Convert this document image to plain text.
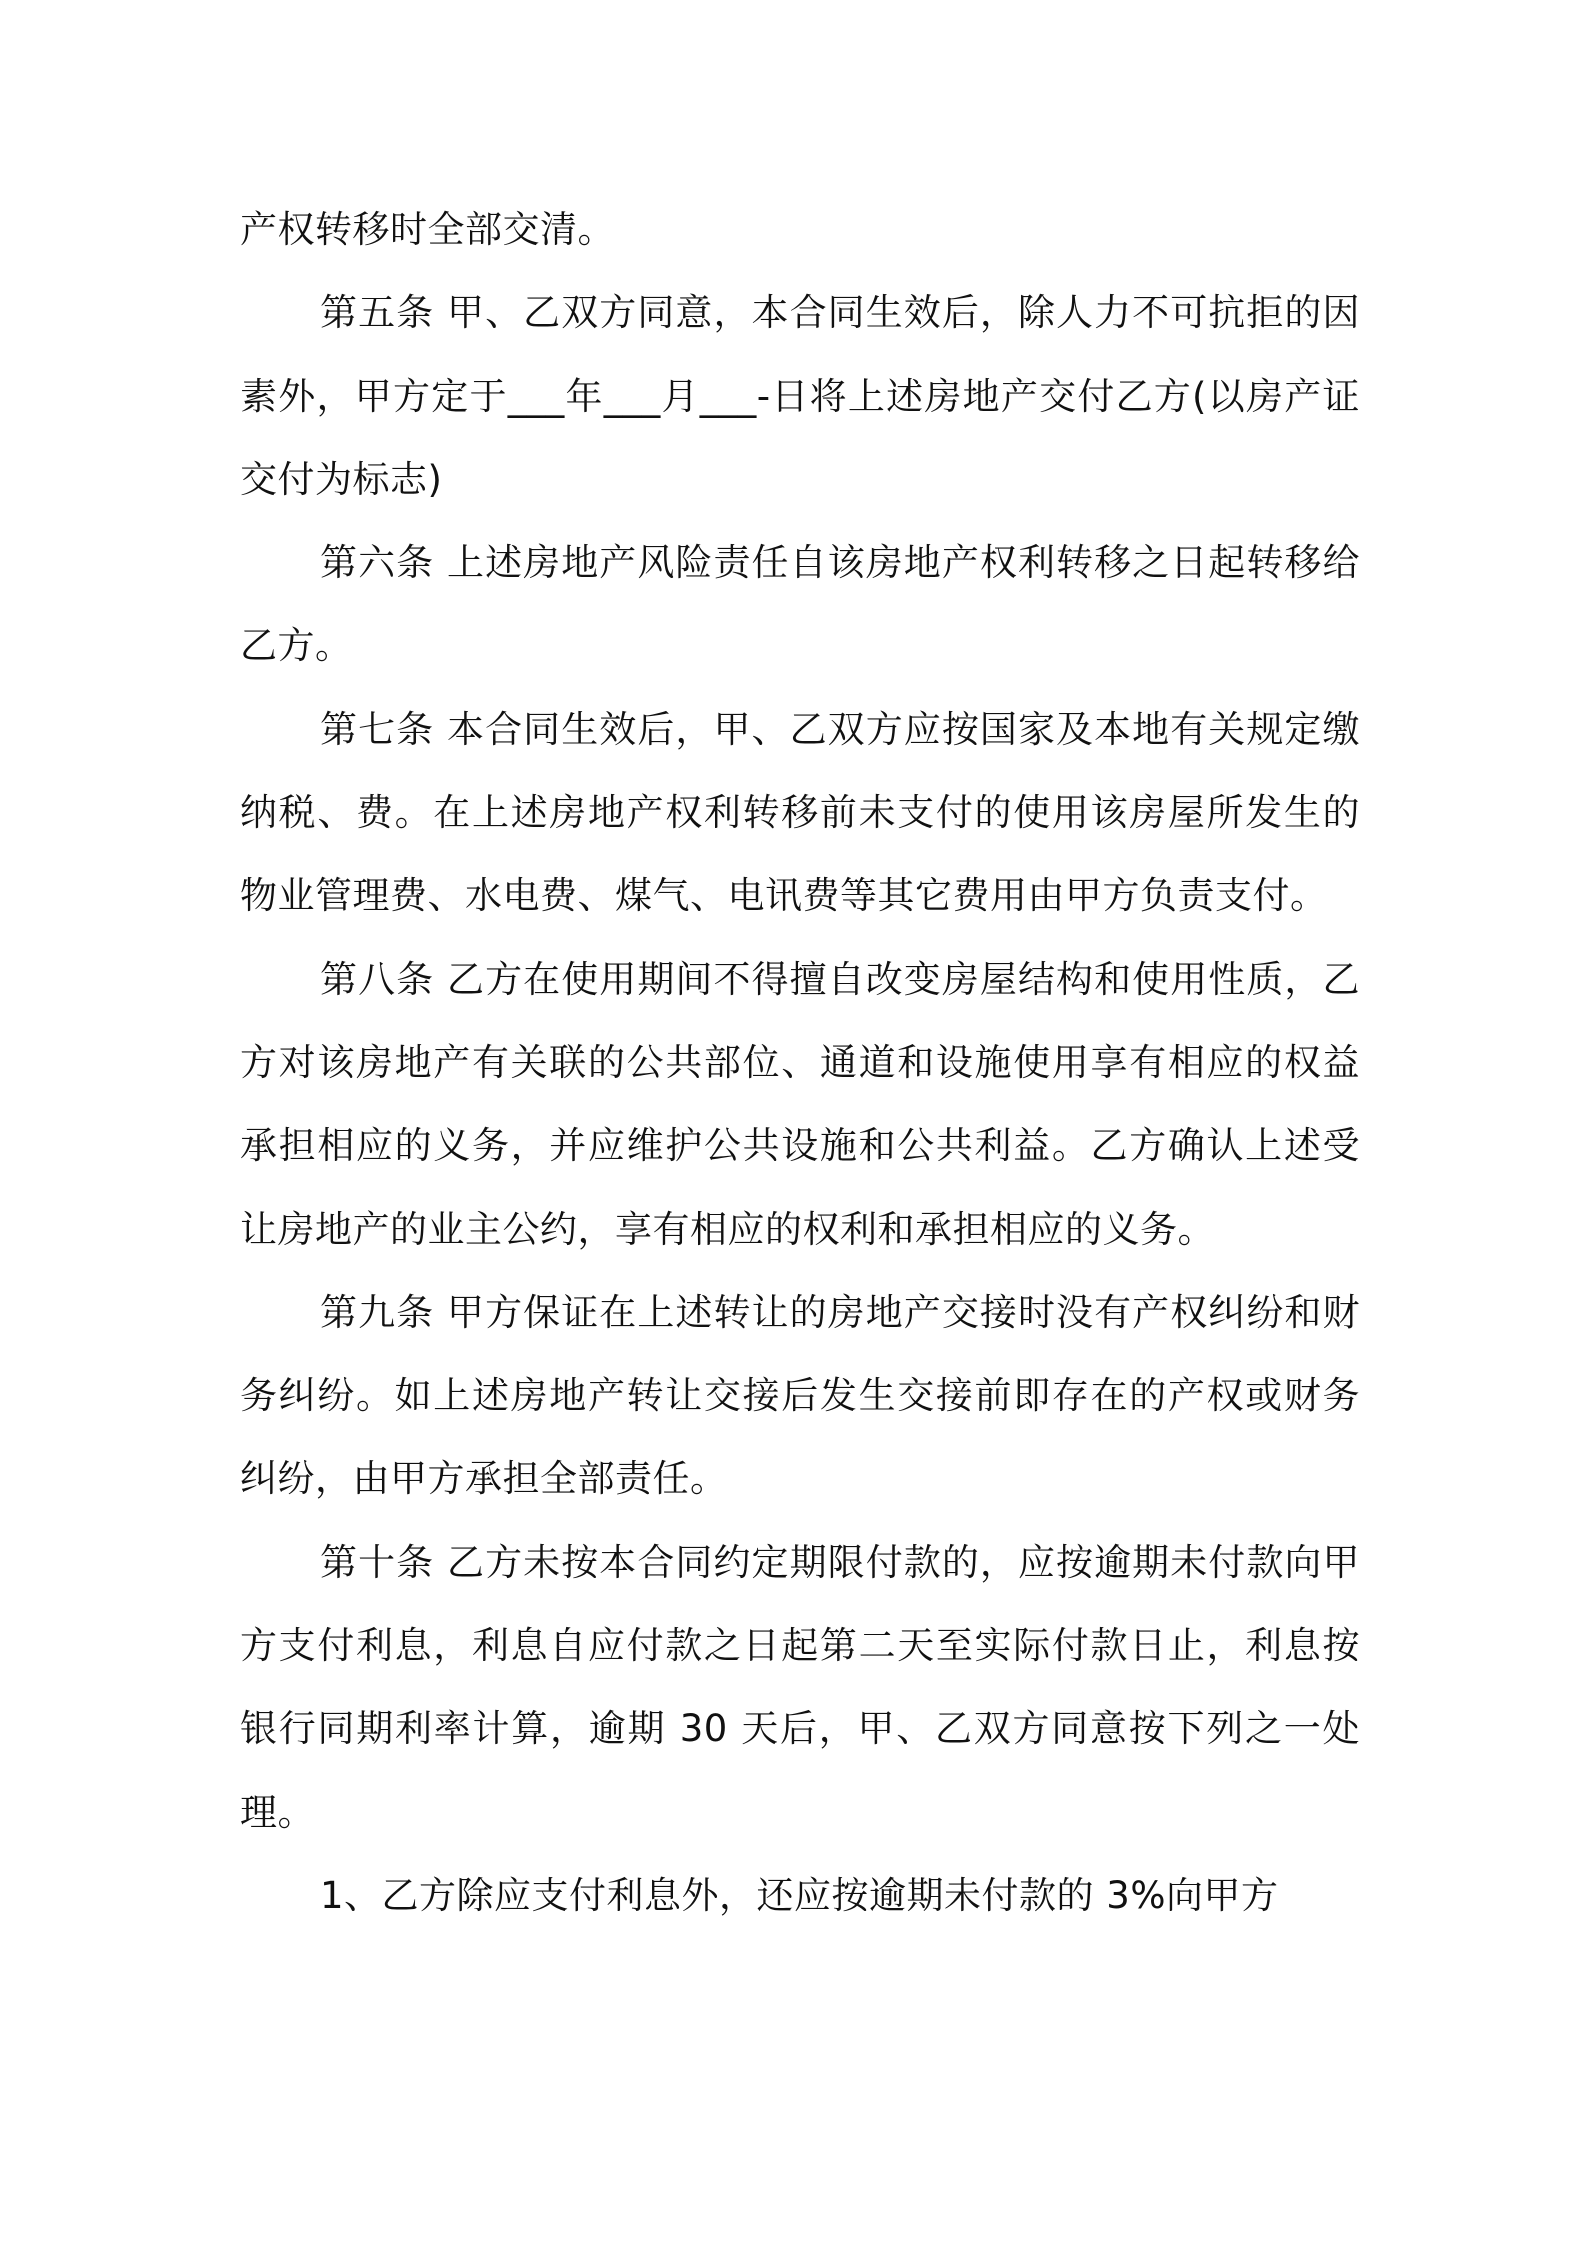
产权转移时全部交清。

第五条 甲、乙双方同意，本合同生效后，除人力不可抗拒的因素外，甲方定于___年___月___-日将上述房地产交付乙方(以房产证交付为标志)

第六条 上述房地产风险责任自该房地产权利转移之日起转移给乙方。

第七条 本合同生效后，甲、乙双方应按国家及本地有关规定缴纳税、费。在上述房地产权利转移前未支付的使用该房屋所发生的物业管理费、水电费、煤气、电讯费等其它费用由甲方负责支付。

第八条 乙方在使用期间不得擅自改变房屋结构和使用性质，乙方对该房地产有关联的公共部位、通道和设施使用享有相应的权益承担相应的义务，并应维护公共设施和公共利益。乙方确认上述受让房地产的业主公约，享有相应的权利和承担相应的义务。

第九条 甲方保证在上述转让的房地产交接时没有产权纠纷和财务纠纷。如上述房地产转让交接后发生交接前即存在的产权或财务纠纷，由甲方承担全部责任。

第十条 乙方未按本合同约定期限付款的，应按逾期未付款向甲方支付利息，利息自应付款之日起第二天至实际付款日止，利息按银行同期利率计算，逾期 30 天后，甲、乙双方同意按下列之一处理。

1、乙方除应支付利息外，还应按逾期未付款的 3%向甲方
